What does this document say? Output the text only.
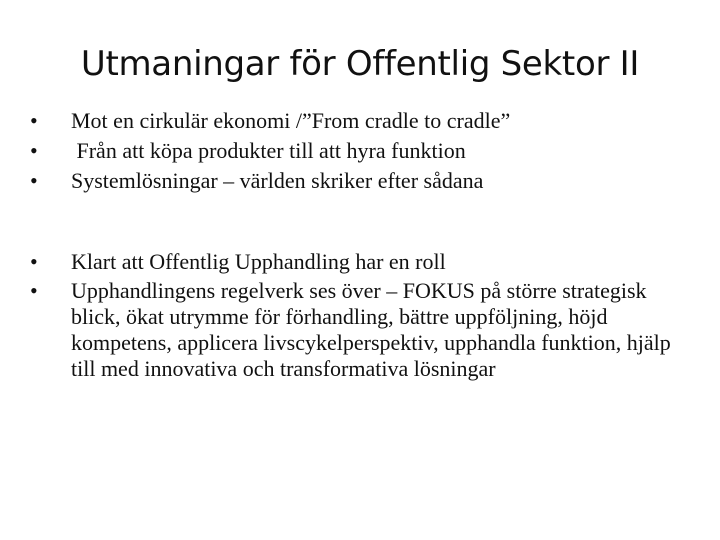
Utmaningar för Offentlig Sektor II
•	Mot en cirkulär ekonomi /”From cradle to cradle”
•	Från att köpa produkter till att hyra funktion
•	Systemlösningar – världen skriker efter sådana
•	Klart att Offentlig Upphandling har en roll
•	Upphandlingens regelverk ses över – FOKUS på större strategisk blick, ökat utrymme för förhandling, bättre uppföljning, höjd kompetens, applicera livscykelperspektiv, upphandla funktion, hjälp till med innovativa och transformativa lösningar
